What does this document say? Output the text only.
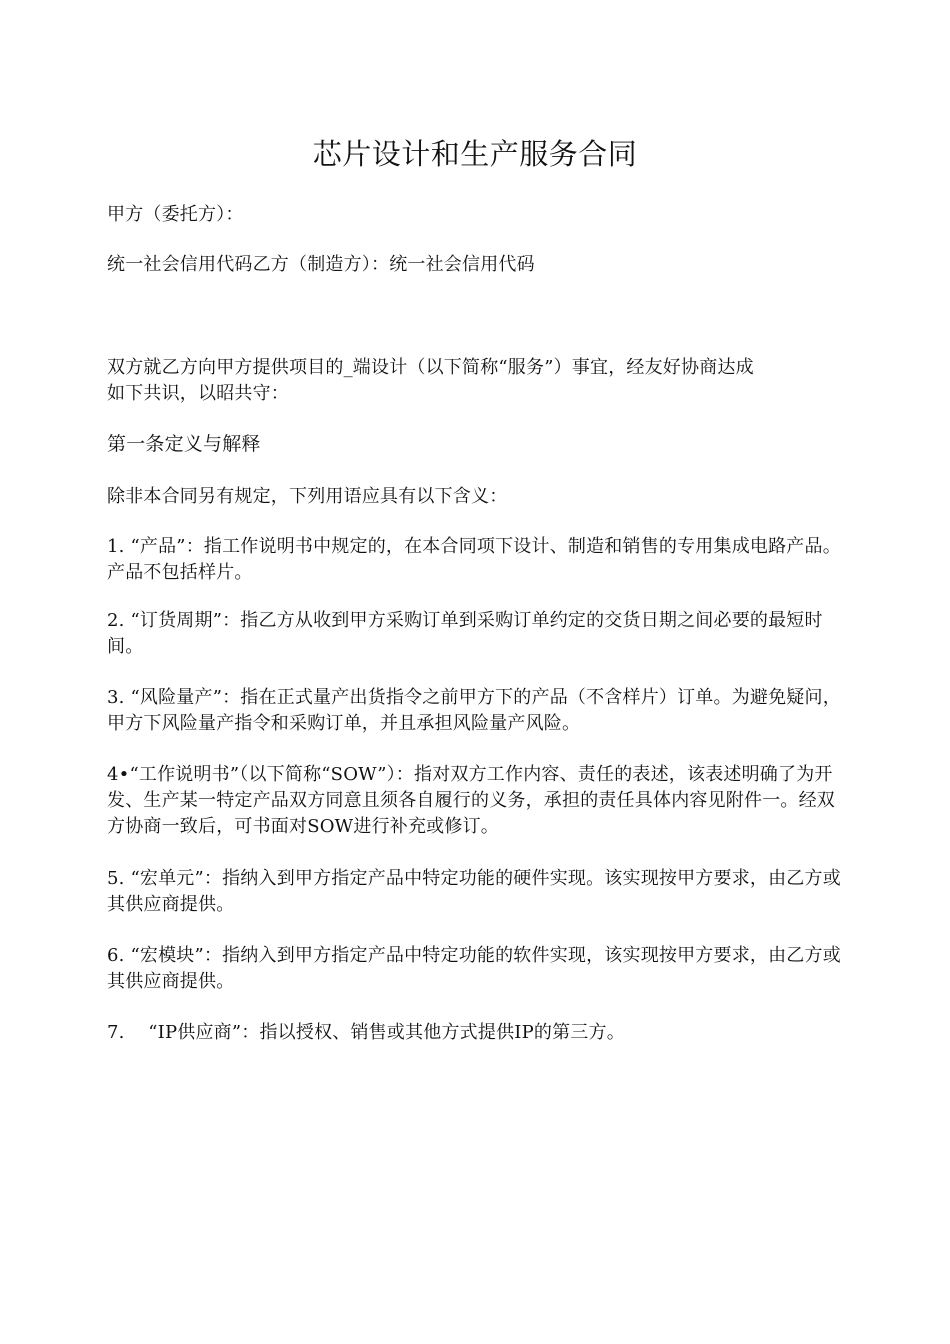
芯片设计和生产服务合同
甲方（委托方）：
统一社会信用代码乙方（制造方）：统一社会信用代码
双方就乙方向甲方提供项目的_端设计（以下简称“服务”）事宜，经友好协商达成如下共识，以昭共守：
第一条定义与解释
除非本合同另有规定，下列用语应具有以下含义：
1. “产品”：指工作说明书中规定的，在本合同项下设计、制造和销售的专用集成电路产品。产品不包括样片。
2. “订货周期”：指乙方从收到甲方采购订单到采购订单约定的交货日期之间必要的最短时间。
3. “风险量产”：指在正式量产出货指令之前甲方下的产品（不含样片）订单。为避免疑问，甲方下风险量产指令和采购订单，并且承担风险量产风险。
4•“工作说明书”（以下简称“SOW”）：指对双方工作内容、责任的表述，该表述明确了为开发、生产某一特定产品双方同意且须各自履行的义务，承担的责任具体内容见附件一。经双方协商一致后，可书面对SOW进行补充或修订。
5. “宏单元”：指纳入到甲方指定产品中特定功能的硬件实现。该实现按甲方要求，由乙方或其供应商提供。
6. “宏模块”：指纳入到甲方指定产品中特定功能的软件实现，该实现按甲方要求，由乙方或其供应商提供。
7.    “IP供应商”：指以授权、销售或其他方式提供IP的第三方。
